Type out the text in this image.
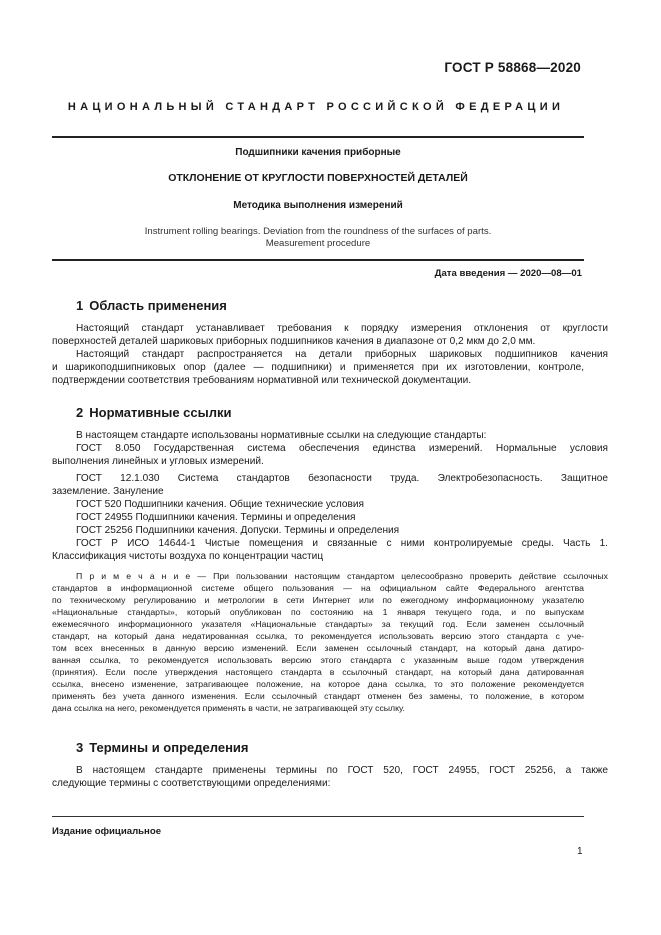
ГОСТ Р 58868—2020
НАЦИОНАЛЬНЫЙ СТАНДАРТ РОССИЙСКОЙ ФЕДЕРАЦИИ
Подшипники качения приборные
ОТКЛОНЕНИЕ ОТ КРУГЛОСТИ ПОВЕРХНОСТЕЙ ДЕТАЛЕЙ
Методика выполнения измерений
Instrument rolling bearings. Deviation from the roundness of the surfaces of parts.
Measurement procedure
Дата введения — 2020—08—01
1 Область применения
Настоящий стандарт устанавливает требования к порядку измерения отклонения от круглости
поверхностей деталей шариковых приборных подшипников качения в диапазоне от 0,2 мкм до 2,0 мм.
Настоящий стандарт распространяется на детали приборных шариковых подшипников качения
и шарикоподшипниковых опор (далее — подшипники) и применяется при их изготовлении, контроле,
подтверждении соответствия требованиям нормативной или технической документации.
2 Нормативные ссылки
В настоящем стандарте использованы нормативные ссылки на следующие стандарты:
ГОСТ 8.050 Государственная система обеспечения единства измерений. Нормальные условия
выполнения линейных и угловых измерений.
ГОСТ 12.1.030 Система стандартов безопасности труда. Электробезопасность. Защитное
заземление. Зануление
ГОСТ 520 Подшипники качения. Общие технические условия
ГОСТ 24955 Подшипники качения. Термины и определения
ГОСТ 25256 Подшипники качения. Допуски. Термины и определения
ГОСТ Р ИСО 14644-1 Чистые помещения и связанные с ними контролируемые среды. Часть 1.
Классификация чистоты воздуха по концентрации частиц
П р и м е ч а н и е — При пользовании настоящим стандартом целесообразно проверить действие ссылочных
стандартов в информационной системе общего пользования — на официальном сайте Федерального агентства
по техническому регулированию и метрологии в сети Интернет или по ежегодному информационному указателю
«Национальные стандарты», который опубликован по состоянию на 1 января текущего года, и по выпускам
ежемесячного информационного указателя «Национальные стандарты» за текущий год. Если заменен ссылочный
стандарт, на который дана недатированная ссылка, то рекомендуется использовать версию этого стандарта с уче-
том всех внесенных в данную версию изменений. Если заменен ссылочный стандарт, на который дана датиро-
ванная ссылка, то рекомендуется использовать версию этого стандарта с указанным выше годом утверждения
(принятия). Если после утверждения настоящего стандарта в ссылочный стандарт, на который дана датированная
ссылка, внесено изменение, затрагивающее положение, на которое дана ссылка, то это положение рекомендуется
применять без учета данного изменения. Если ссылочный стандарт отменен без замены, то положение, в котором
дана ссылка на него, рекомендуется применять в части, не затрагивающей эту ссылку.
3 Термины и определения
В настоящем стандарте применены термины по ГОСТ 520, ГОСТ 24955, ГОСТ 25256, а также
следующие термины с соответствующими определениями:
Издание официальное
1
